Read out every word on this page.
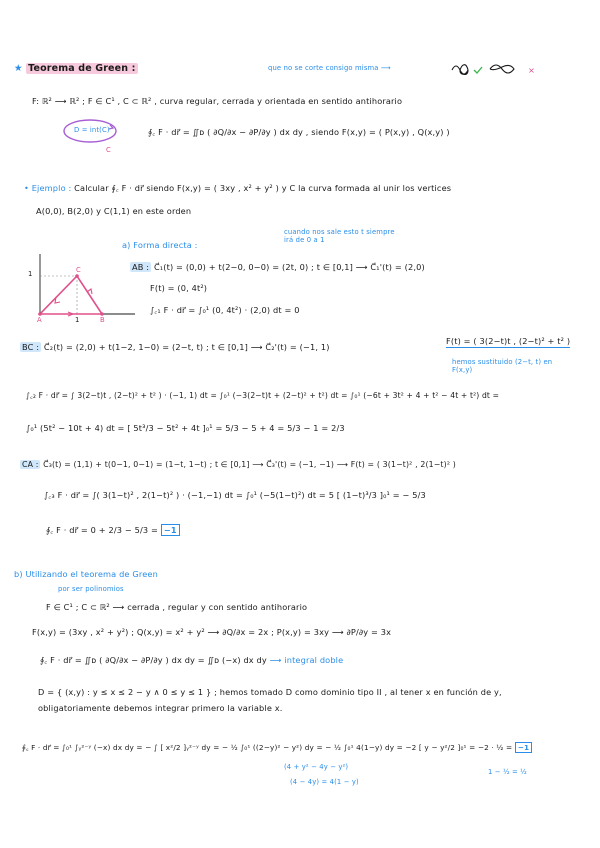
★ Teorema de Green :	que no se corte consigo misma ⟶	×
F: ℝ² ⟶ ℝ² ; F ∈ C¹ , C ⊂ ℝ² , curva regular, cerrada y orientada en sentido antihorario
D = int(C)
C
∮꜀ F · dr⃗ = ∬ᴅ ( ∂Q/∂x − ∂P/∂y ) dx dy , siendo F(x,y) = ( P(x,y) , Q(x,y) )
• Ejemplo : Calcular ∮꜀ F · dr⃗ siendo F(x,y) = ( 3xy , x² + y² ) y C la curva formada al unir los vertices
A(0,0), B(2,0) y C(1,1) en este orden
cuando nos sale esto t siempre irá de 0 a 1
a) Forma directa :
1
1
A	B
C	AB : C⃗₁(t) = (0,0) + t(2−0, 0−0) = (2t, 0) ; t ∈ [0,1] ⟶ C⃗₁'(t) = (2,0)
F(t) = (0, 4t²)
∫꜀₁ F · dr⃗ = ∫₀¹ (0, 4t²) · (2,0) dt = 0
BC : C⃗₂(t) = (2,0) + t(1−2, 1−0) = (2−t, t) ; t ∈ [0,1] ⟶ C⃗₂'(t) = (−1, 1)
F(t) = ( 3(2−t)t , (2−t)² + t² )
hemos sustituido (2−t, t) en F(x,y)
∫꜀₂ F · dr⃗ = ∫ 3(2−t)t , (2−t)² + t² ) · (−1, 1) dt = ∫₀¹ (−3(2−t)t + (2−t)² + t²) dt = ∫₀¹ (−6t + 3t² + 4 + t² − 4t + t²) dt =
∫₀¹ (5t² − 10t + 4) dt = [ 5t³/3 − 5t² + 4t ]₀¹ = 5/3 − 5 + 4 = 5/3 − 1 = 2/3
CA : C⃗₃(t) = (1,1) + t(0−1, 0−1) = (1−t, 1−t) ; t ∈ [0,1] ⟶ C⃗₃'(t) = (−1, −1) ⟶ F(t) = ( 3(1−t)² , 2(1−t)² )
∫꜀₃ F · dr⃗ = ∫( 3(1−t)² , 2(1−t)² ) · (−1,−1) dt = ∫₀¹ (−5(1−t)²) dt = 5 [ (1−t)³/3 ]₀¹ = − 5/3
∮꜀ F · dr⃗ = 0 + 2/3 − 5/3 = −1
b) Utilizando el teorema de Green
por ser polinomios
F ∈ C¹ ; C ⊂ ℝ² ⟶ cerrada , regular y con sentido antihorario
F(x,y) = (3xy , x² + y²) ; Q(x,y) = x² + y² ⟶ ∂Q/∂x = 2x ; P(x,y) = 3xy ⟶ ∂P/∂y = 3x
∮꜀ F · dr⃗ = ∬ᴅ ( ∂Q/∂x − ∂P/∂y ) dx dy = ∬ᴅ (−x) dx dy ⟶ integral doble
D = { (x,y) : y ≤ x ≤ 2 − y ∧ 0 ≤ y ≤ 1 } ; hemos tomado D como dominio tipo II , al tener x en función de y,
obligatoriamente debemos integrar primero la variable x.
∮꜀ F · dr⃗ = ∫₀¹ ∫ᵧ²⁻ʸ (−x) dx dy = − ∫ [ x²/2 ]ᵧ²⁻ʸ dy = − ½ ∫₀¹ ((2−y)² − y²) dy = − ½ ∫₀¹ 4(1−y) dy = −2 [ y − y²/2 ]₀¹ = −2 · ½ = −1
(4 + y² − 4y − y²)
(4 − 4y) = 4(1 − y)
1 − ½ = ½
